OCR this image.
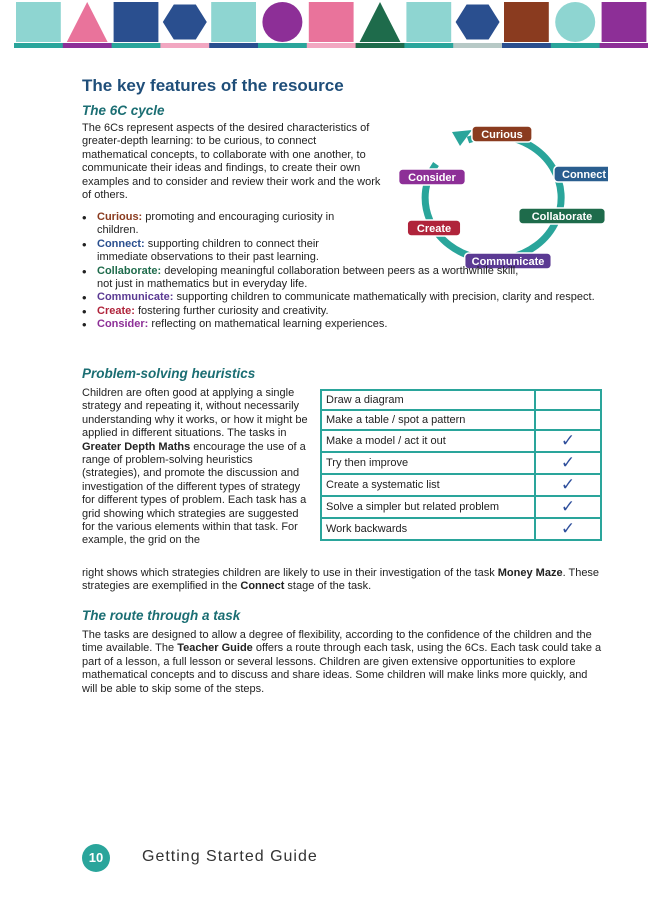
The key features of the resource
The 6C cycle

The 6Cs represent aspects of the desired characteristics of greater-depth learning: to be curious, to connect mathematical concepts, to collaborate with one another, to communicate their ideas and findings, to create their own examples and to consider and review their work and the work of others.

Curious
Connect
Collaborate
Communicate
Create
Consider
• Curious: promoting and encouraging curiosity in children.
• Connect: supporting children to connect their immediate observations to their past learning.
• Collaborate: developing meaningful collaboration between peers as a worthwhile skill, not just in mathematics but in everyday life.
• Communicate: supporting children to communicate mathematically with precision, clarity and respect.
• Create: fostering further curiosity and creativity.
• Consider: reflecting on mathematical learning experiences.
Problem-solving heuristics

Children are often good at applying a single strategy and repeating it, without necessarily understanding why it works, or how it might be applied in different situations. The tasks in Greater Depth Maths encourage the use of a range of problem-solving heuristics (strategies), and promote the discussion and investigation of the different types of strategy for different types of problem. Each task has a grid showing which strategies are suggested for the various elements within that task. For example, the grid on the

right shows which strategies children are likely to use in their investigation of the task Money Maze. These strategies are exemplified in the Connect stage of the task.

Draw a diagram	
Make a table / spot a pattern	
Make a model / act it out	✓
Try then improve	✓
Create a systematic list	✓
Solve a simpler but related problem	✓
Work backwards	✓
The route through a task

The tasks are designed to allow a degree of flexibility, according to the confidence of the children and the time available. The Teacher Guide offers a route through each task, using the 6Cs. Each task could take a part of a lesson, a full lesson or several lessons. Children are given extensive opportunities to explore mathematical concepts and to discuss and share ideas. Some children will make links more quickly, and will be able to skip some of the steps.

10	Getting Started Guide
